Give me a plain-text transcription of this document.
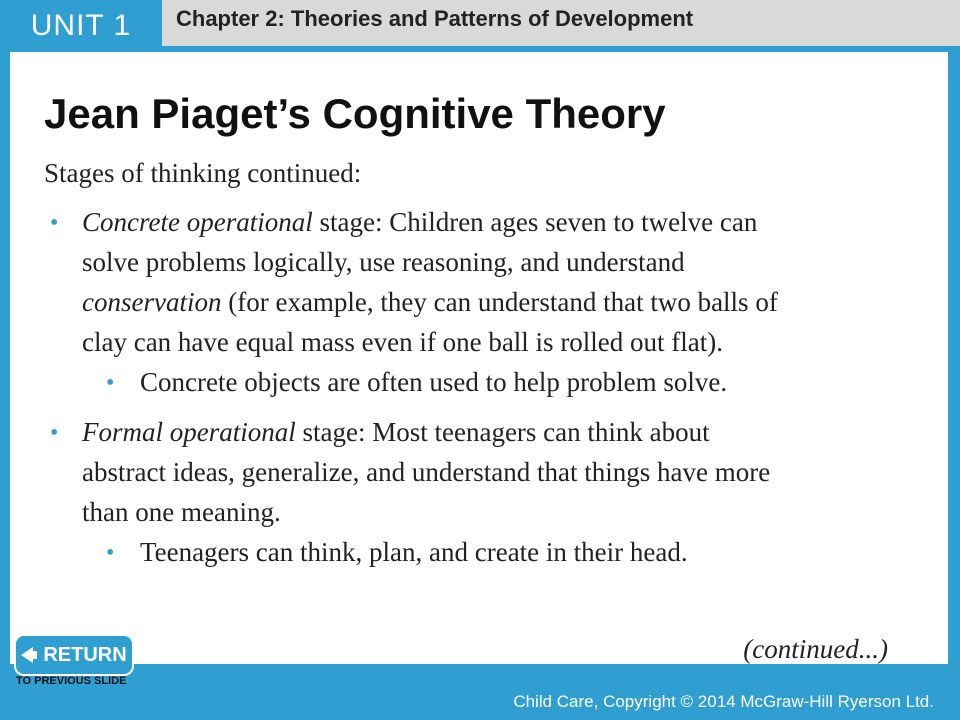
UNIT 1 Chapter 2: Theories and Patterns of Development
Jean Piaget’s Cognitive Theory
Stages of thinking continued:
• Concrete operational stage: Children ages seven to twelve can
solve problems logically, use reasoning, and understand
conservation (for example, they can understand that two balls of
clay can have equal mass even if one ball is rolled out flat).
• Concrete objects are often used to help problem solve.
• Formal operational stage: Most teenagers can think about
abstract ideas, generalize, and understand that things have more
than one meaning.
• Teenagers can think, plan, and create in their head.
(continued...)
RETURN
TO PREVIOUS SLIDE
Child Care, Copyright © 2014 McGraw-Hill Ryerson Ltd.
